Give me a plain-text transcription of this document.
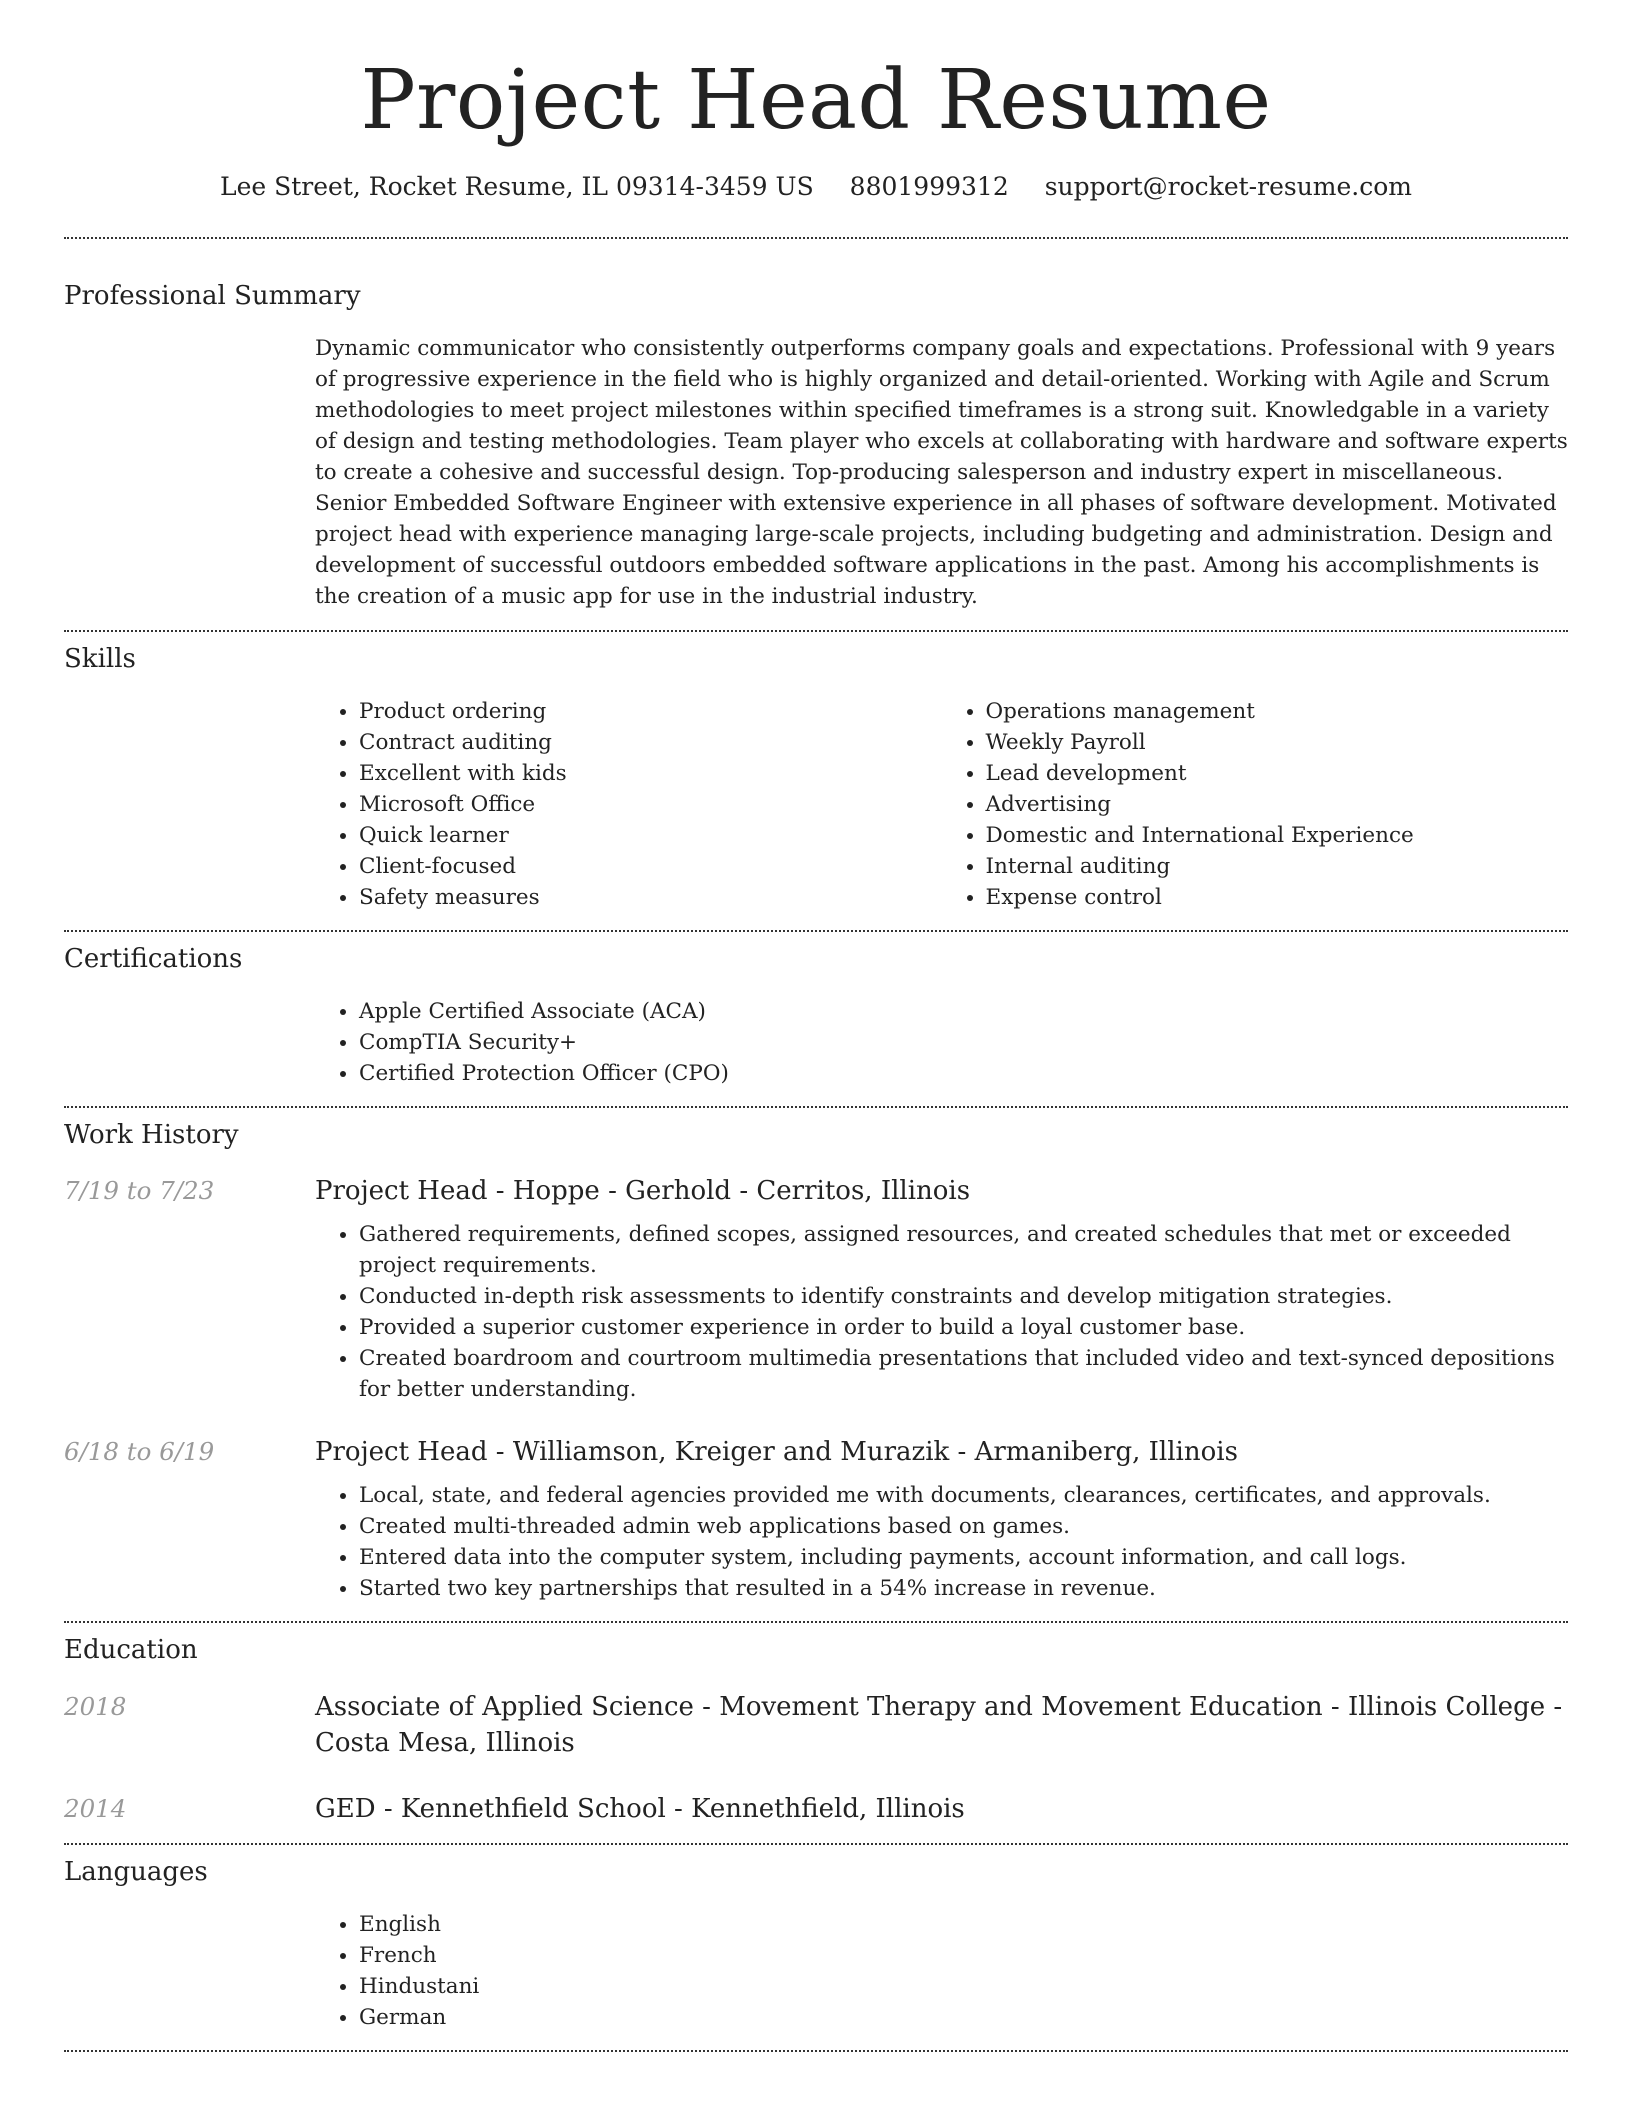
Project Head Resume
Lee Street, Rocket Resume, IL 09314-3459 US 8801999312 support@rocket-resume.com
Professional Summary
Dynamic communicator who consistently outperforms company goals and expectations. Professional with 9 years of progressive experience in the field who is highly organized and detail-oriented. Working with Agile and Scrum methodologies to meet project milestones within specified timeframes is a strong suit. Knowledgable in a variety of design and testing methodologies. Team player who excels at collaborating with hardware and software experts to create a cohesive and successful design. Top-producing salesperson and industry expert in miscellaneous. Senior Embedded Software Engineer with extensive experience in all phases of software development. Motivated project head with experience managing large-scale projects, including budgeting and administration. Design and development of successful outdoors embedded software applications in the past. Among his accomplishments is the creation of a music app for use in the industrial industry.
Skills
• Product ordering
• Contract auditing
• Excellent with kids
• Microsoft Office
• Quick learner
• Client-focused
• Safety measures
• Operations management
• Weekly Payroll
• Lead development
• Advertising
• Domestic and International Experience
• Internal auditing
• Expense control
Certifications
• Apple Certified Associate (ACA)
• CompTIA Security+
• Certified Protection Officer (CPO)
Work History
7/19 to 7/23	Project Head - Hoppe - Gerhold - Cerritos, Illinois
• Gathered requirements, defined scopes, assigned resources, and created schedules that met or exceeded project requirements.
• Conducted in-depth risk assessments to identify constraints and develop mitigation strategies.
• Provided a superior customer experience in order to build a loyal customer base.
• Created boardroom and courtroom multimedia presentations that included video and text-synced depositions for better understanding.
6/18 to 6/19	Project Head - Williamson, Kreiger and Murazik - Armaniberg, Illinois
• Local, state, and federal agencies provided me with documents, clearances, certificates, and approvals.
• Created multi-threaded admin web applications based on games.
• Entered data into the computer system, including payments, account information, and call logs.
• Started two key partnerships that resulted in a 54% increase in revenue.
Education
2018	Associate of Applied Science - Movement Therapy and Movement Education - Illinois College - Costa Mesa, Illinois
2014	GED - Kennethfield School - Kennethfield, Illinois
Languages
• English
• French
• Hindustani
• German
